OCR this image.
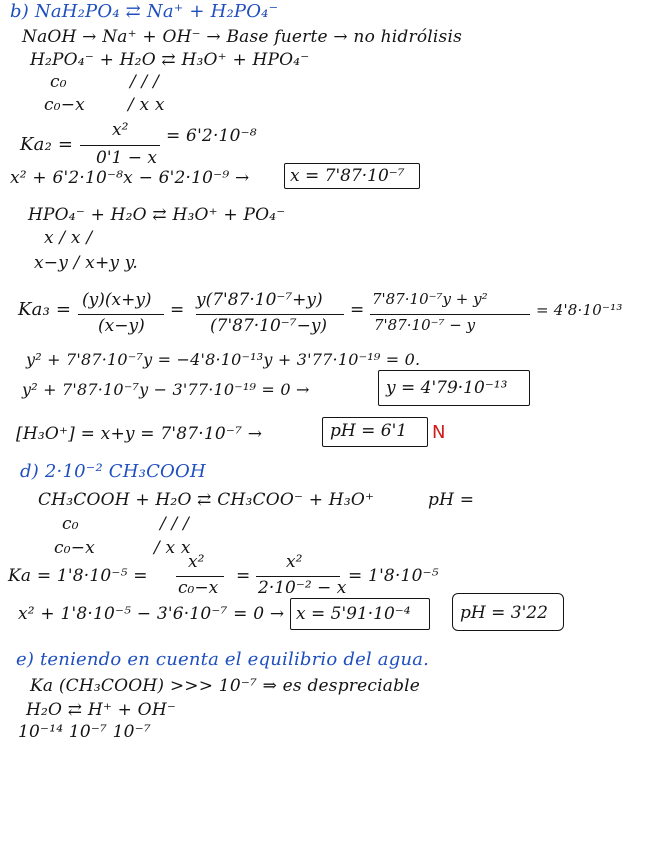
b) NaH₂PO₄ ⇄ Na⁺ + H₂PO₄⁻
NaOH → Na⁺ + OH⁻ → Base fuerte → no hidrólisis
H₂PO₄⁻ + H₂O ⇄ H₃O⁺ + HPO₄⁻
c₀	/ / /
c₀−x	/ x x
Ka₂ =
x²
0'1 − x
= 6'2·10⁻⁸
x² + 6'2·10⁻⁸x − 6'2·10⁻⁹ → x = 7'87·10⁻⁷
HPO₄⁻ + H₂O ⇄ H₃O⁺ + PO₄⁻
x / x /
x−y / x+y y.
Ka₃ = (y)(x+y)
(x−y)
= y(7'87·10⁻⁷+y)
(7'87·10⁻⁷−y)
=
7'87·10⁻⁷y + y²
7'87·10⁻⁷ − y
= 4'8·10⁻¹³
y² + 7'87·10⁻⁷y = −4'8·10⁻¹³y + 3'77·10⁻¹⁹ = 0.
y² + 7'87·10⁻⁷y − 3'77·10⁻¹⁹ = 0 →	y = 4'79·10⁻¹³
[H₃O⁺] = x+y = 7'87·10⁻⁷ →	pH = 6'1 N
d) 2·10⁻² CH₃COOH
CH₃COOH + H₂O ⇄ CH₃COO⁻ + H₃O⁺	pH =
c₀	/ / /
c₀−x	/ x x
Ka = 1'8·10⁻⁵ =
x²
c₀−x
=
x²
2·10⁻² − x
= 1'8·10⁻⁵
x² + 1'8·10⁻⁵ − 3'6·10⁻⁷ = 0 → x = 5'91·10⁻⁴	pH = 3'22
e) teniendo en cuenta el equilibrio del agua.
Ka (CH₃COOH) >>> 10⁻⁷ ⇒ es despreciable
H₂O ⇄ H⁺ + OH⁻
10⁻¹⁴ 10⁻⁷ 10⁻⁷
